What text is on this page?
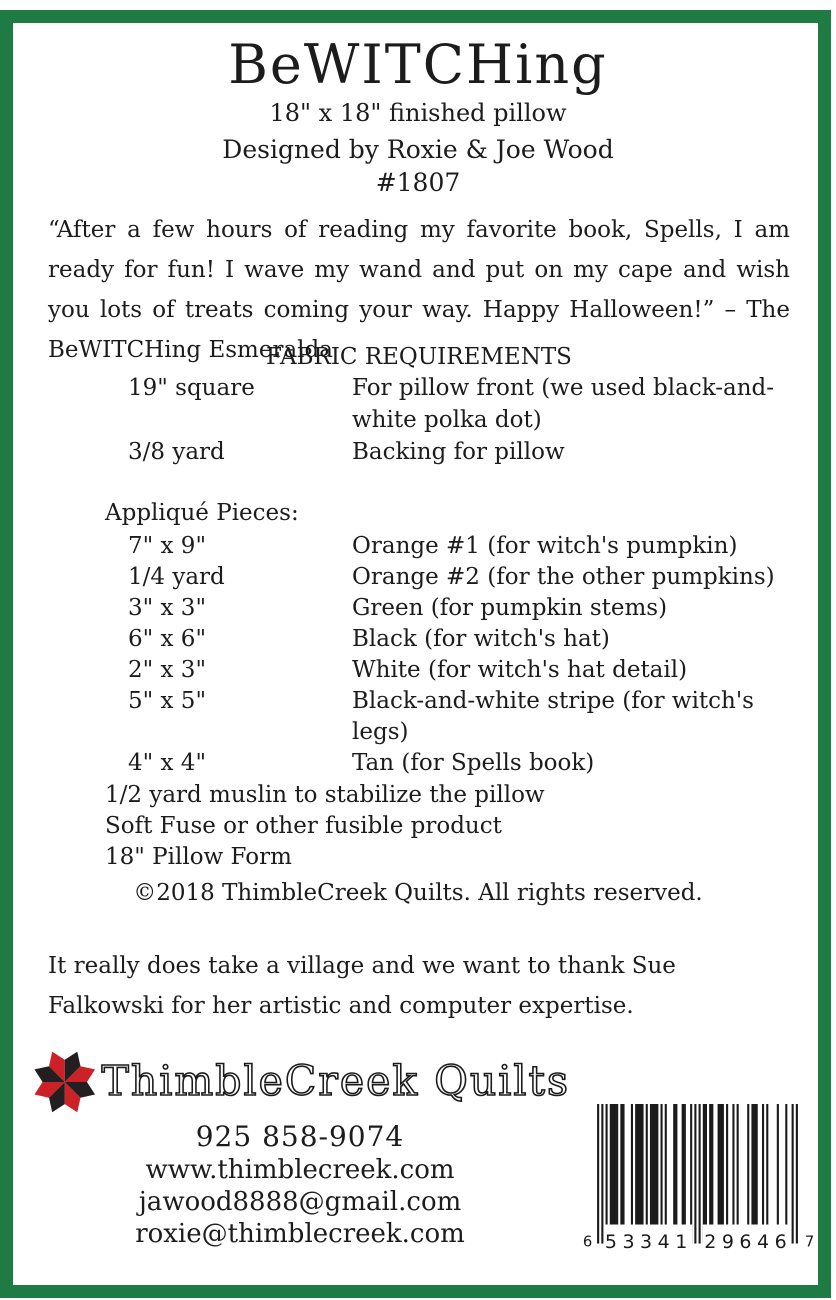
BeWITCHing
18" x 18" finished pillow
Designed by Roxie & Joe Wood
#1807
“After a few hours of reading my favorite book, Spells, I am ready for fun! I wave my wand and put on my cape and wish you lots of treats coming your way. Happy Halloween!” – The BeWITCHing Esmeralda
FABRIC REQUIREMENTS
19" square	For pillow front (we used black-and-white polka dot)
3/8 yard	Backing for pillow
Appliqué Pieces:
7" x 9"	Orange #1 (for witch's pumpkin)
1/4 yard	Orange #2 (for the other pumpkins)
3" x 3"	Green (for pumpkin stems)
6" x 6"	Black (for witch's hat)
2" x 3"	White (for witch's hat detail)
5" x 5"	Black-and-white stripe (for witch's legs)
4" x 4"	Tan (for Spells book)
1/2 yard muslin to stabilize the pillow
Soft Fuse or other fusible product
18" Pillow Form
©2018 ThimbleCreek Quilts. All rights reserved.
It really does take a village and we want to thank Sue Falkowski for her artistic and computer expertise.
ThimbleCreek Quilts
925 858-9074
www.thimblecreek.com
jawood8888@gmail.com
roxie@thimblecreek.com	6 53341 29646 7
